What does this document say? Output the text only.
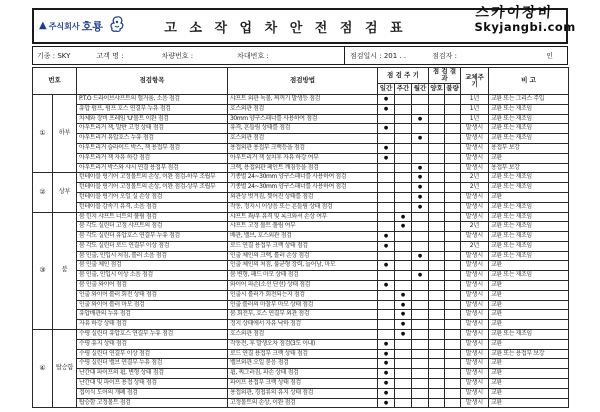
▲ 주식회사 호룡	고 소 작 업 차 안 전 점 검 표
스카이장비
Skyjangbi.com
기종 : SKY	고객 명 :	차량번호 :	차대번호 :	점검일시 : 201 . .	점검자 :	인
번호		점검항목	점검방법	점 검 주 기			점 검 결 과		교체주기	비 고
				일간	주간	월간	양호	불량		
①	하부	P.T.O 드라이브샤프트의 헐거움, 소음 점검	샤프트 외관 녹물, 찌꺼기 발생등 점검	●					1년	교환 또는 그리스 주입
		유압 펌프, 펌프 호스 연결부 누유 점검	호스외관 점검	●					1년	교환 또는 재조임
		차체와 장비 프레임 'U'볼트 이완 점검	30mm 양구스패너를 사용하여 점검			●			1년	교환 또는 재조임
		아우트리거 잭, 발판 고정 상태 점검	유격, 흔들림 상태를 점검	●					발생시	교환 또는 재조임
		아우트리거 유압호스 누유 점검	호스외관 점검			●			발생시	교환 또는 재조임
		아우트리거 슬라이드 박스, 잭 용접부 점검	용접외관 용접부 크랙등을 점검	●					발생시	용접부 보강
		아우트리거 잭 자유 하강 점검	아우트리거 잭 설치후 자유 하강 여부	●					발생시	교환
		아우트리거 박스와 샤시 연결 용접부 점검	크랙, 용접외관 페인트 깨짐등을 점검			●			발생시	용접부 보강
②	상부	턴테이블 링기어 고정볼트의 손상, 이완 점검-하부 조립부	기종별 24~30mm 양구스패너를 사용하여 점검			●			2년	교환 또는 재조임
		턴테이블 링기어 고정볼트의 손상, 이완 점검-상부 조립부	기종별 24~30mm 양구스패너를 사용하여 점검			●			2년	교환 또는 재조임
		턴테이블 링기어 오일 실 손상 점검	외관상 벗겨짐, 찢어진 상태를 점검			●			발생시	교환
		턴테이블 감속기 유격, 소음 점검	작동, 정지시 이상음 또는 흔들림 상태 점검			●			발생시	교환 또는 재조임
③	붐	붐 힌지 샤프트 너트의 풀림 점검	샤프트 좌/우 유격 및 록크와셔 손상 여부		●				발생시	교환 또는 재조임
		붐 각도 실린더 고정 샤프트의 점검	샤프트 고정 볼트 풀림 여부		●				2년	교환 또는 재조임
		붐 각도 실린더 유압호스 연결부 누유 점검	배관, 밸브, 호스외관 점검	●					발생시	교환 또는 재조임
		붐 각도 실린더 로드 연결부 이상 점검	로드 연결 용접부 크랙 상태 점검	●					2년	교환 또는 재조임
		붐 인출, 인입시 처짐, 롤러 소음 점검	인출 체인의 크랙, 롤러 손상 점검			●			발생시	교환 또는 재조임
		붐 인출 체인 점검	인출 체인의 처짐, 불균형 장력, 늘어남, 마모	●					발생시	교환
		붐 인출, 인입시 이상 소음 점검	붐 변형, 패드 마모 상태 점검			●			발생시	교환 또는 재조임
		붐 인출 와이어 점검	와이어 파손(소선 단선) 상태 점검	●					발생시	교환
		인출 와이어 롤러 회전 상태 점검	인출시 롤러가 회전되는지 점검		●				발생시	교환
		인출 와이어 롤러 마모 점검	인출 롤러의 마찰부 마모 상태 점검		●				발생시	교환
		유압배관의 누유 점검	붐 회전부, 호스 연결부 외관 점검		●				발생시	교환
		자유 하강 상태 점검	정지 상태에서 자유 낙하 점검		●				발생시	교환
④	탑승함	수평 실린더 유압호스 연결부 누유 점검	호스외관 점검		●				발생시	교환 또는 재조임
		수평 유지 상태 점검	작동전, 후 발생오차 점검(3도 이내)	●					발생시	교환
		수평 실린더 연결부 이상 점검	로드 연결 용접부 크랙 상태 점검	●					발생시	교환 또는 용접부 보강
		수평 실린더 밸브 연결부 누유 점검	밸브외관 오일 묻음 점검	●					발생시	교환
		난간대 파이프의 휨, 변형 상태 점검	휨, 찌그러짐, 파손 상태 점검	●					발생시	교환
		난간대 및 파이프 용접 상태 점검	파이프 용접부 크랙 상태 점검	●					발생시	교환
		접이식 도어의 개폐 점검	용접외관, 경첩류의 유지 상태 점검	●					발생시	교환
		탑승함 고정볼트 점검	고정볼트의 손상, 이완 점검	●					발생시	교환
